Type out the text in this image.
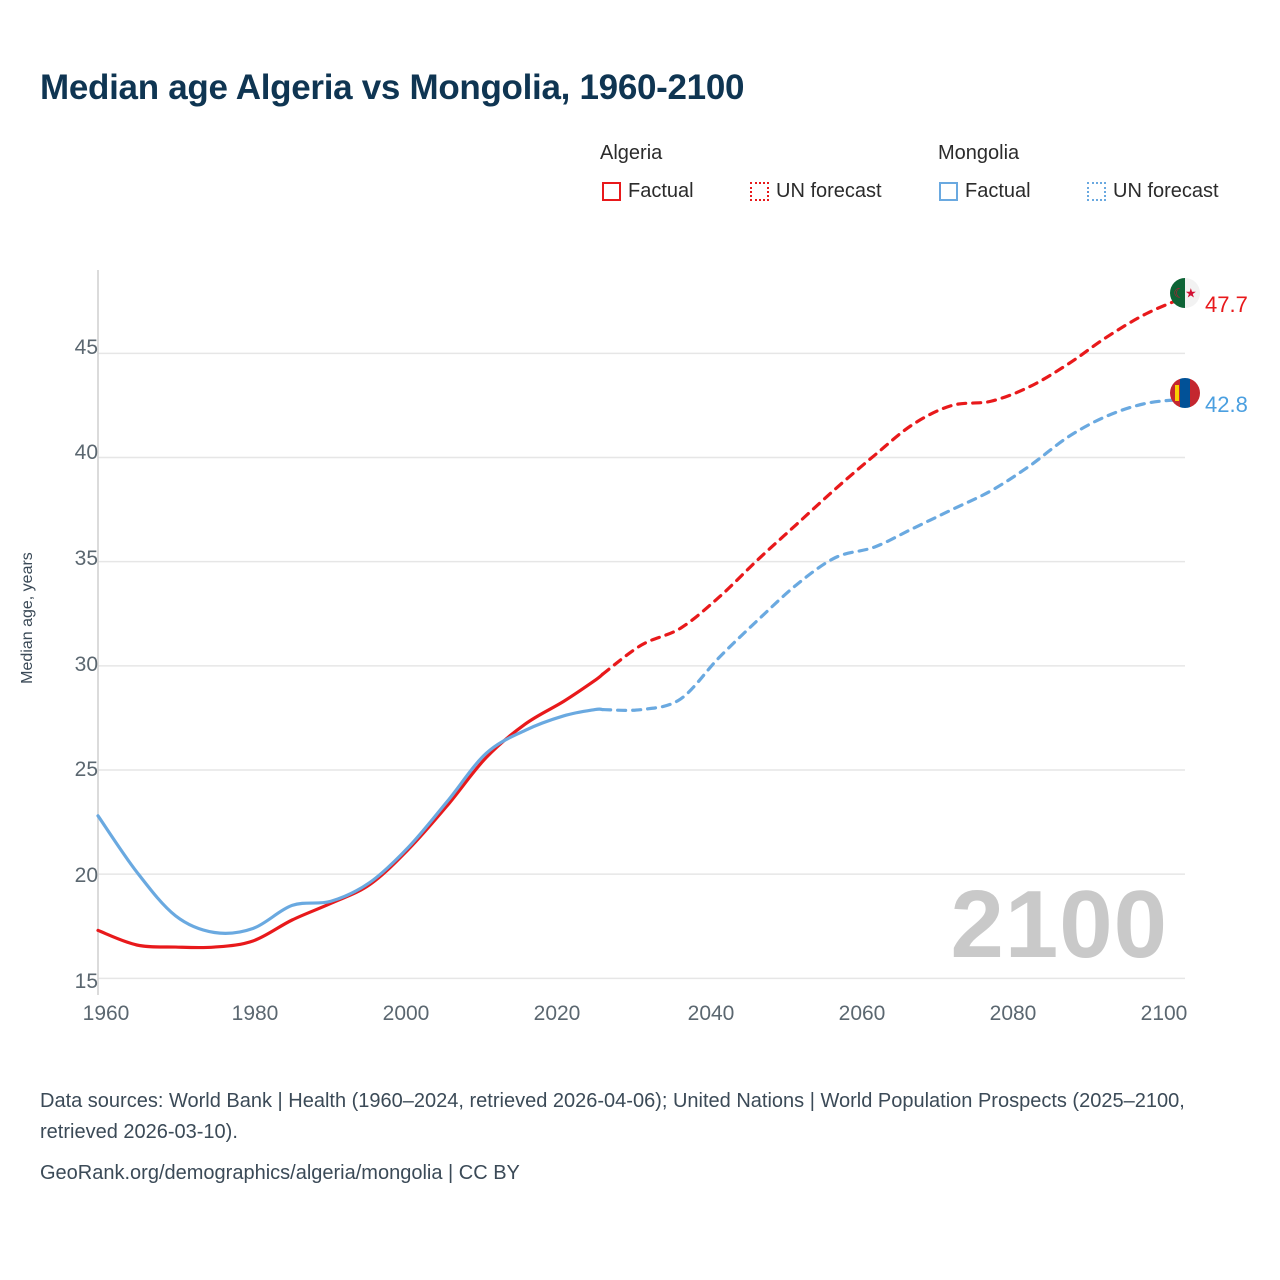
Median age Algeria vs Mongolia, 1960-2100
Algeria	Mongolia
Factual	UN forecast	Factual	UN forecast
Median age, years
2100
45
40
35
30
25
20
15
1960	1980	2000	2020	2040	2060	2080	2100
☾★ 47.7
42.8
Data sources: World Bank | Health (1960–2024, retrieved 2026-04-06); United Nations | World Population Prospects (2025–2100, retrieved 2026-03-10).
GeoRank.org/demographics/algeria/mongolia | CC BY
